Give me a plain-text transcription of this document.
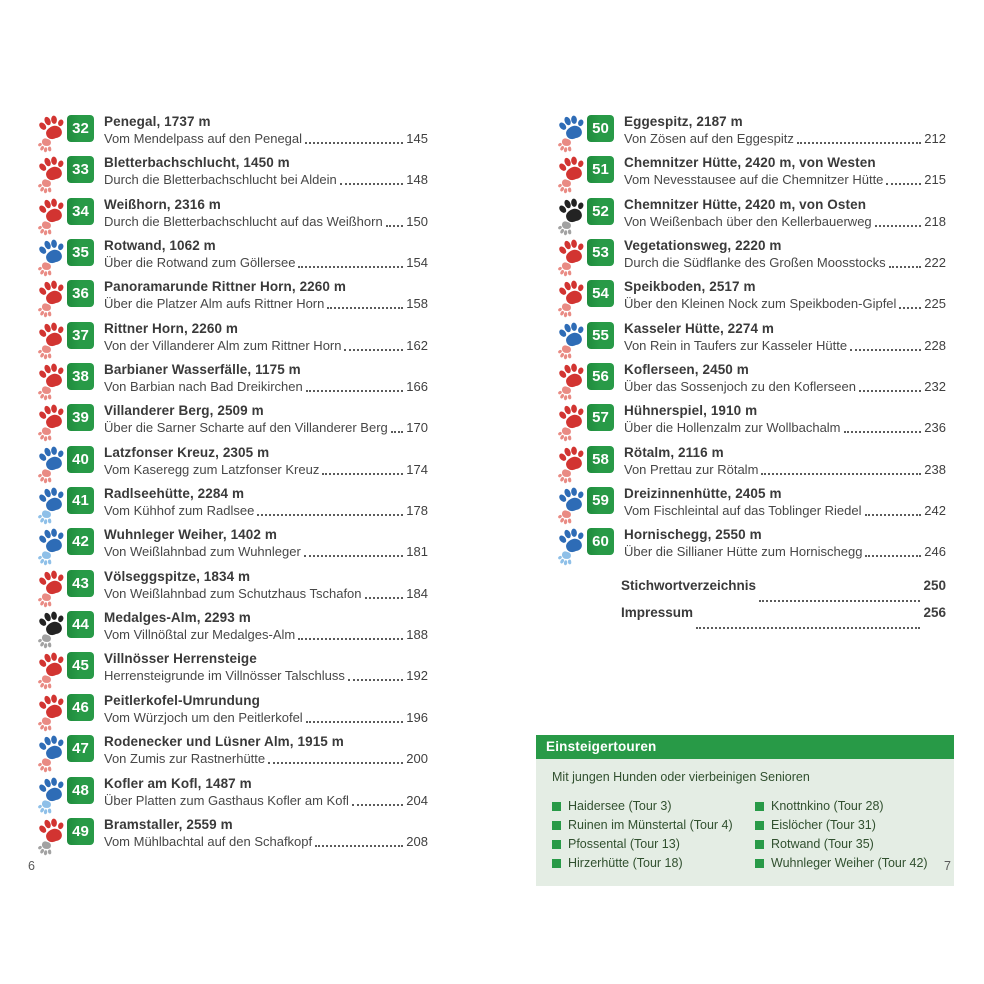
32	Penegal, 1737 m
Vom Mendelpass auf den Penegal	145
33	Bletterbachschlucht, 1450 m
Durch die Bletterbachschlucht bei Aldein	148
34	Weißhorn, 2316 m
Durch die Bletterbachschlucht auf das Weißhorn 150
35	Rotwand, 1062 m
Über die Rotwand zum Göllersee	154
36	Panoramarunde Rittner Horn, 2260 m
Über die Platzer Alm aufs Rittner Horn	158
37	Rittner Horn, 2260 m
Von der Villanderer Alm zum Rittner Horn	162
38	Barbianer Wasserfälle, 1175 m
Von Barbian nach Bad Dreikirchen	166
39	Villanderer Berg, 2509 m
Über die Sarner Scharte auf den Villanderer Berg 170
40	Latzfonser Kreuz, 2305 m
Vom Kaseregg zum Latzfonser Kreuz	174
41	Radlseehütte, 2284 m
Vom Kühhof zum Radlsee	178
42	Wuhnleger Weiher, 1402 m
Von Weißlahnbad zum Wuhnleger	181
43	Völseggspitze, 1834 m
Von Weißlahnbad zum Schutzhaus Tschafon	184
44	Medalges-Alm, 2293 m
Vom Villnößtal zur Medalges-Alm	188
45	Villnösser Herrensteige
Herrensteigrunde im Villnösser Talschluss	192
46	Peitlerkofel-Umrundung
Vom Würzjoch um den Peitlerkofel	196
47	Rodenecker und Lüsner Alm, 1915 m
Von Zumis zur Rastnerhütte	200
48	Kofler am Kofl, 1487 m
Über Platten zum Gasthaus Kofler am Kofl	204
49	Bramstaller, 2559 m
Vom Mühlbachtal auf den Schafkopf	208
50	Eggespitz, 2187 m
Von Zösen auf den Eggespitz	212
51	Chemnitzer Hütte, 2420 m, von Westen
Vom Nevesstausee auf die Chemnitzer Hütte	215
52	Chemnitzer Hütte, 2420 m, von Osten
Von Weißenbach über den Kellerbauerweg	218
53	Vegetationsweg, 2220 m
Durch die Südflanke des Großen Moosstocks	222
54	Speikboden, 2517 m
Über den Kleinen Nock zum Speikboden-Gipfel 225
55	Kasseler Hütte, 2274 m
Von Rein in Taufers zur Kasseler Hütte	228
56	Koflerseen, 2450 m
Über das Sossenjoch zu den Koflerseen	232
57	Hühnerspiel, 1910 m
Über die Hollenzalm zur Wollbachalm	236
58	Rötalm, 2116 m
Von Prettau zur Rötalm	238
59	Dreizinnenhütte, 2405 m
Vom Fischleintal auf das Toblinger Riedel	242
60	Hornischegg, 2550 m
Über die Sillianer Hütte zum Hornischegg	246
Stichwortverzeichnis	250
Impressum	256
Einsteigertouren
Mit jungen Hunden oder vierbeinigen Senioren
Haidersee (Tour 3)
Ruinen im Münstertal (Tour 4)
Pfossental (Tour 13)
Hirzerhütte (Tour 18)
Knottnkino (Tour 28)
Eislöcher (Tour 31)
Rotwand (Tour 35)
Wuhnleger Weiher (Tour 42)
6	7
